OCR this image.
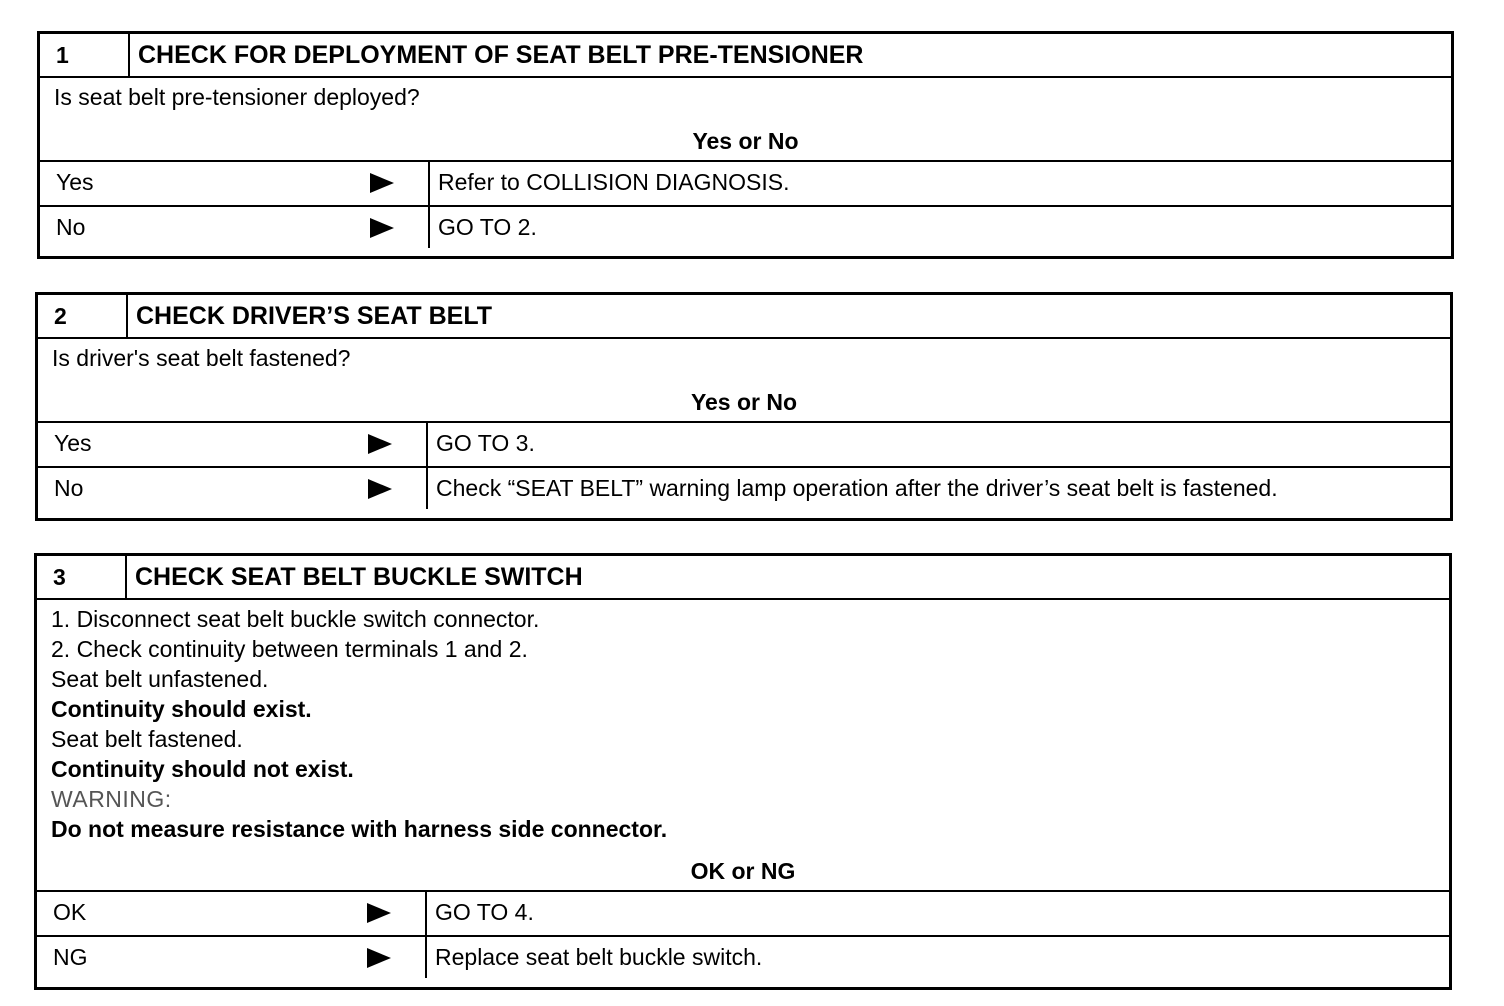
1	CHECK FOR DEPLOYMENT OF SEAT BELT PRE-TENSIONER
Is seat belt pre-tensioner deployed?
Yes or No
Yes	Refer to COLLISION DIAGNOSIS.
No	GO TO 2.
2	CHECK DRIVER’S SEAT BELT
Is driver's seat belt fastened?
Yes or No
Yes	GO TO 3.
No	Check “SEAT BELT” warning lamp operation after the driver’s seat belt is fastened.
3	CHECK SEAT BELT BUCKLE SWITCH
1. Disconnect seat belt buckle switch connector.
2. Check continuity between terminals 1 and 2.
Seat belt unfastened.
Continuity should exist.
Seat belt fastened.
Continuity should not exist.
WARNING:
Do not measure resistance with harness side connector.
OK or NG
OK	GO TO 4.
NG	Replace seat belt buckle switch.
